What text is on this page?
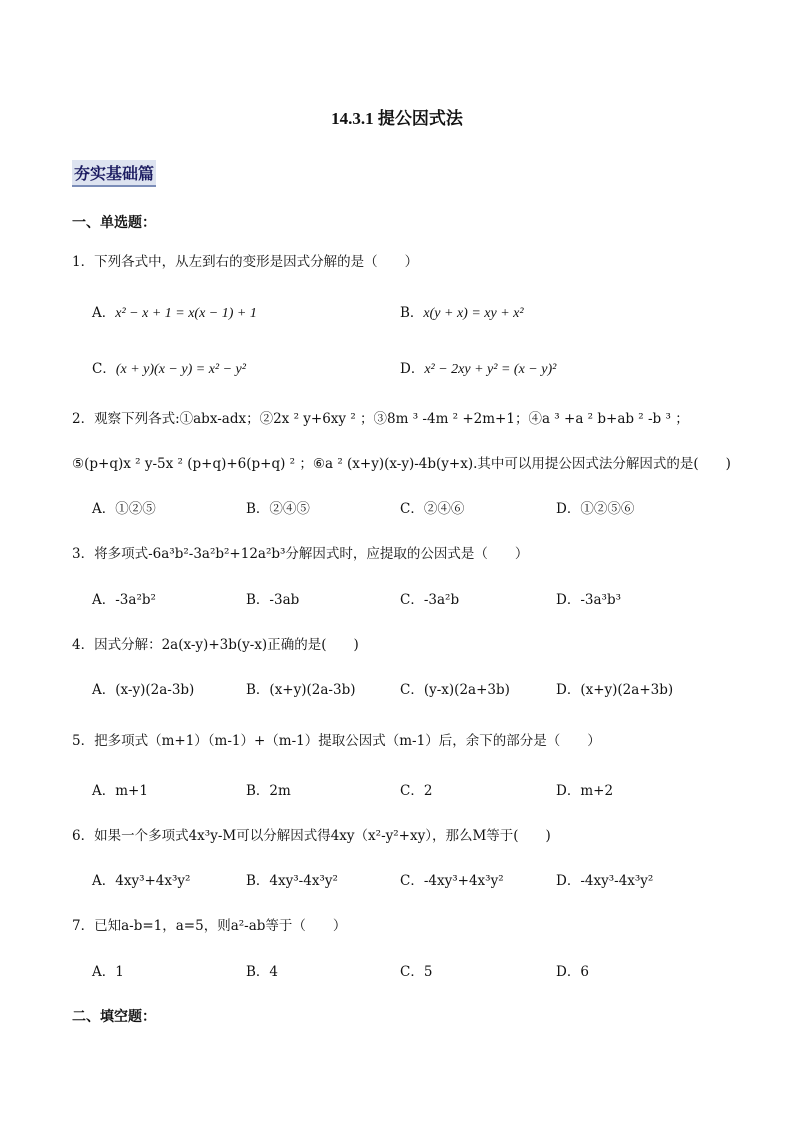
14.3.1 提公因式法
夯实基础篇
一、单选题：
1．下列各式中，从左到右的变形是因式分解的是（　　）
A．x² − x + 1 = x(x − 1) + 1	B．x(y + x) = xy + x²
C．(x + y)(x − y) = x² − y²	D．x² − 2xy + y² = (x − y)²
2．观察下列各式:①abx-adx；②2x ² y+6xy ² ；③8m ³ -4m ² +2m+1；④a ³ +a ² b+ab ² -b ³ ；
⑤(p+q)x ² y-5x ² (p+q)+6(p+q) ² ；⑥a ² (x+y)(x-y)-4b(y+x).其中可以用提公因式法分解因式的是(　　)
A．①②⑤	B．②④⑤	C．②④⑥	D．①②⑤⑥
3．将多项式-6a³b²-3a²b²+12a²b³分解因式时，应提取的公因式是（　　）
A．-3a²b²	B．-3ab	C．-3a²b	D．-3a³b³
4．因式分解：2a(x-y)+3b(y-x)正确的是(　　)
A．(x-y)(2a-3b)	B．(x+y)(2a-3b)	C．(y-x)(2a+3b)	D．(x+y)(2a+3b)
5．把多项式（m+1）（m-1）+（m-1）提取公因式（m-1）后，余下的部分是（　　）
A．m+1	B．2m	C．2	D．m+2
6．如果一个多项式4x³y-M可以分解因式得4xy（x²-y²+xy），那么M等于(　　)
A．4xy³+4x³y²	B．4xy³-4x³y²	C．-4xy³+4x³y²	D．-4xy³-4x³y²
7．已知a-b=1，a=5，则a²-ab等于（　　）
A．1	B．4	C．5	D．6
二、填空题：
